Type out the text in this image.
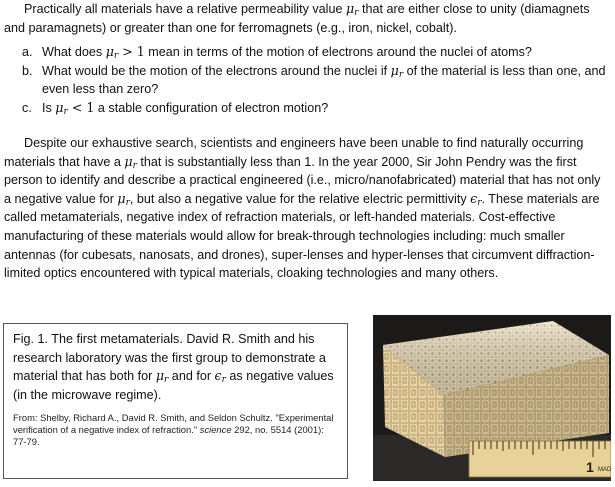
Practically all materials have a relative permeability value $\mu_r$ that are either close to unity (diamagnets and paramagnets) or greater than one for ferromagnets (e.g., iron, nickel, cobalt).

a. What does $\mu_r > 1$ mean in terms of the motion of electrons around the nuclei of atoms?
b. What would be the motion of the electrons around the nuclei if $\mu_r$ of the material is less than one, and even less than zero?
c. Is $\mu_r < 1$ a stable configuration of electron motion?

Despite our exhaustive search, scientists and engineers have been unable to find naturally occurring materials that have a $\mu_r$ that is substantially less than 1. In the year 2000, Sir John Pendry was the first person to identify and describe a practical engineered (i.e., micro/nanofabricated) material that has not only a negative value for $\mu_r$, but also a negative value for the relative electric permittivity $\epsilon_r$. These materials are called metamaterials, negative index of refraction materials, or left-handed materials. Cost-effective manufacturing of these materials would allow for break-through technologies including: much smaller antennas (for cubesats, nanosats, and drones), super-lenses and hyper-lenses that circumvent diffraction-limited optics encountered with typical materials, cloaking technologies and many others.

Fig. 1. The first metamaterials. David R. Smith and his research laboratory was the first group to demonstrate a material that has both for $\mu_r$ and for $\epsilon_r$ as negative values (in the microwave regime).
From: Shelby, Richard A., David R. Smith, and Seldon Schultz. "Experimental verification of a negative index of refraction." science 292, no. 5514 (2001): 77-79.
1 MAD
